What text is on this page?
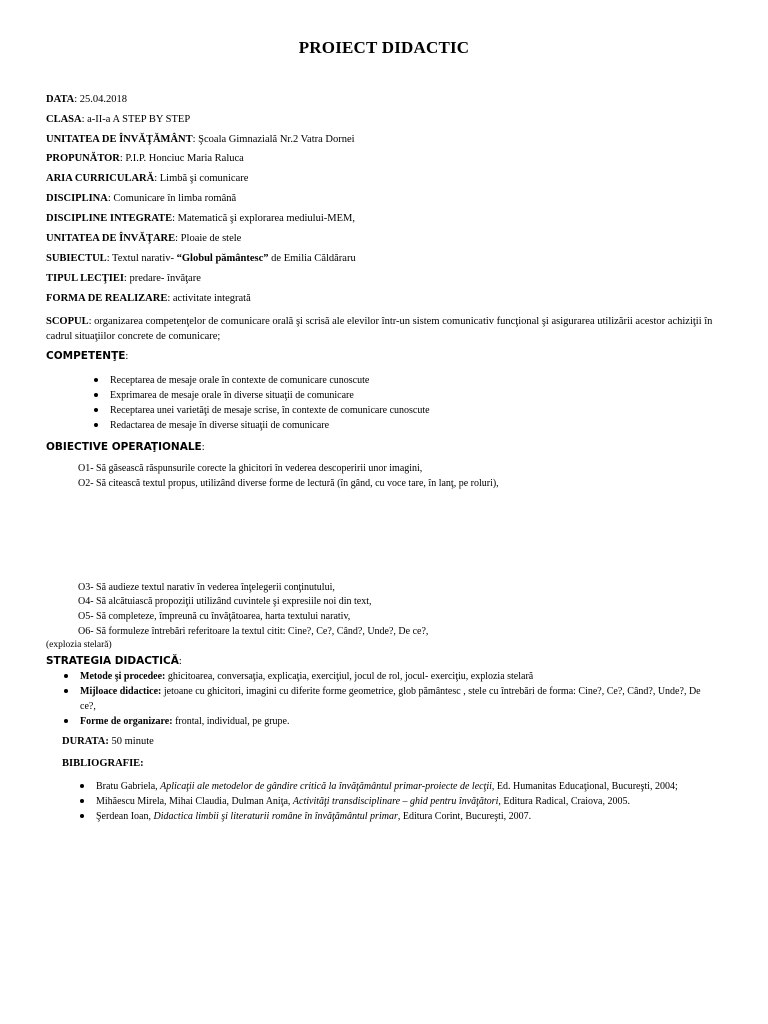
PROIECT DIDACTIC
DATA: 25.04.2018
CLASA: a-II-a A STEP BY STEP
UNITATEA DE ÎNVĂŢĂMÂNT: Şcoala Gimnazială Nr.2 Vatra Dornei
PROPUNĂTOR: P.I.P. Honciuc Maria Raluca
ARIA CURRICULARĂ: Limbă şi comunicare
DISCIPLINA: Comunicare în limba română
DISCIPLINE INTEGRATE: Matematică şi explorarea mediului-MEM,
UNITATEA DE ÎNVĂŢARE: Ploaie de stele
SUBIECTUL: Textul narativ- “Globul pământesc” de Emilia Căldăraru
TIPUL LECŢIEI: predare- învăţare
FORMA DE REALIZARE: activitate integrată
SCOPUL: organizarea competenţelor de comunicare orală şi scrisă ale elevilor într-un sistem comunicativ funcţional şi asigurarea utilizării acestor achiziţii în cadrul situaţiilor concrete de comunicare;
COMPETENŢE:
Receptarea de mesaje orale în contexte de comunicare cunoscute
Exprimarea de mesaje orale în diverse situaţii de comunicare
Receptarea unei varietăţi de mesaje scrise, în contexte de comunicare cunoscute
Redactarea de mesaje în diverse situaţii de comunicare
OBIECTIVE OPERAŢIONALE:
O1- Să găsească răspunsurile corecte la ghicitori în vederea descoperirii unor imagini,
O2- Să citească textul propus, utilizând diverse forme de lectură (în gând, cu voce tare, în lanţ, pe roluri),
O3- Să audieze textul narativ în vederea înţelegerii conţinutului,
O4- Să alcătuiască propoziţii utilizând cuvintele şi expresiile noi din text,
O5- Să completeze, împreună cu învăţătoarea, harta textului narativ,
O6- Să formuleze întrebări referitoare la textul citit: Cine?, Ce?, Când?, Unde?, De ce?,
(explozia stelară)
STRATEGIA DIDACTICĂ:
Metode şi procedee: ghicitoarea, conversaţia, explicaţia, exerciţiul, jocul de rol, jocul- exerciţiu, explozia stelară
Mijloace didactice: jetoane cu ghicitori, imagini cu diferite forme geometrice, glob pământesc , stele cu întrebări de forma: Cine?, Ce?, Când?, Unde?, De ce?,
Forme de organizare: frontal, individual, pe grupe.
DURATA: 50 minute
BIBLIOGRAFIE:
Bratu Gabriela, Aplicaţii ale metodelor de gândire critică la învăţământul primar-proiecte de lecţii, Ed. Humanitas Educaţional, Bucureşti, 2004;
Mihăescu Mirela, Mihai Claudia, Dulman Aniţa, Activităţi transdisciplinare – ghid pentru învăţători, Editura Radical, Craiova, 2005.
Şerdean Ioan, Didactica limbii şi literaturii române în învăţământul primar, Editura Corint, Bucureşti, 2007.
